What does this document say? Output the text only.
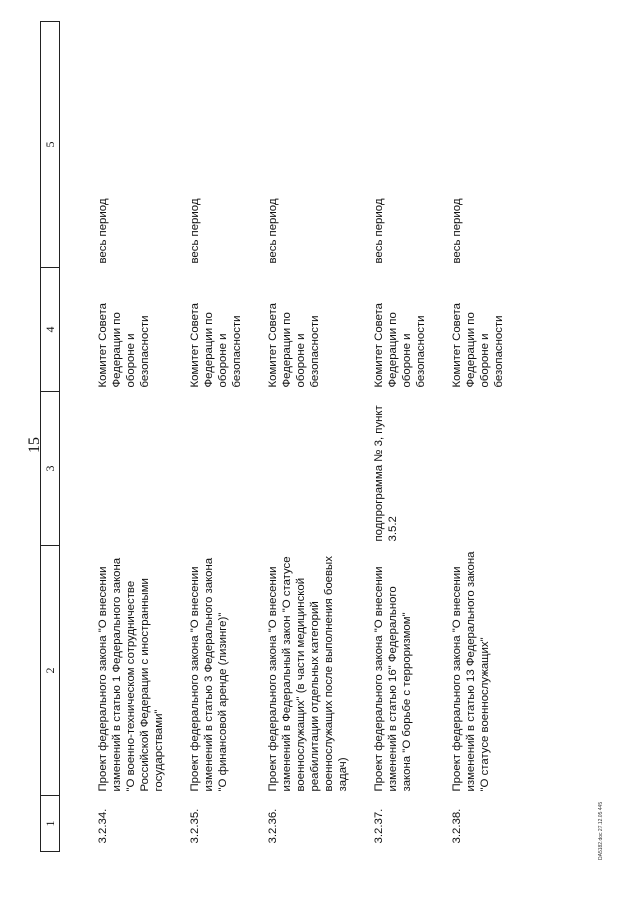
15
1	2	3	4	5
3.2.34.	Проект федерального закона "О внесении изменений в статью 1 Федерального закона "О военно-техническом сотрудничестве Российской Федерации с иностранными государствами"		Комитет Совета Федерации по обороне и безопасности	весь период
3.2.35.	Проект федерального закона "О внесении изменений в статью 3 Федерального закона "О финансовой аренде (лизинге)"		Комитет Совета Федерации по обороне и безопасности	весь период
3.2.36.	Проект федерального закона "О внесении изменений в Федеральный закон "О статусе военнослужащих" (в части медицинской реабилитации отдельных категорий военнослужащих после выполнения боевых задач)		Комитет Совета Федерации по обороне и безопасности	весь период
3.2.37.	Проект федерального закона "О внесении изменений в статью 16" Федерального закона "О борьбе с терроризмом"	подпрограмма № 3, пункт 3.5.2	Комитет Совета Федерации по обороне и безопасности	весь период
3.2.38.	Проект федерального закона "О внесении изменений в статью 13 Федерального закона "О статусе военнослужащих"		Комитет Совета Федерации по обороне и безопасности	весь период
DA5182.doc 27.12.05 445
